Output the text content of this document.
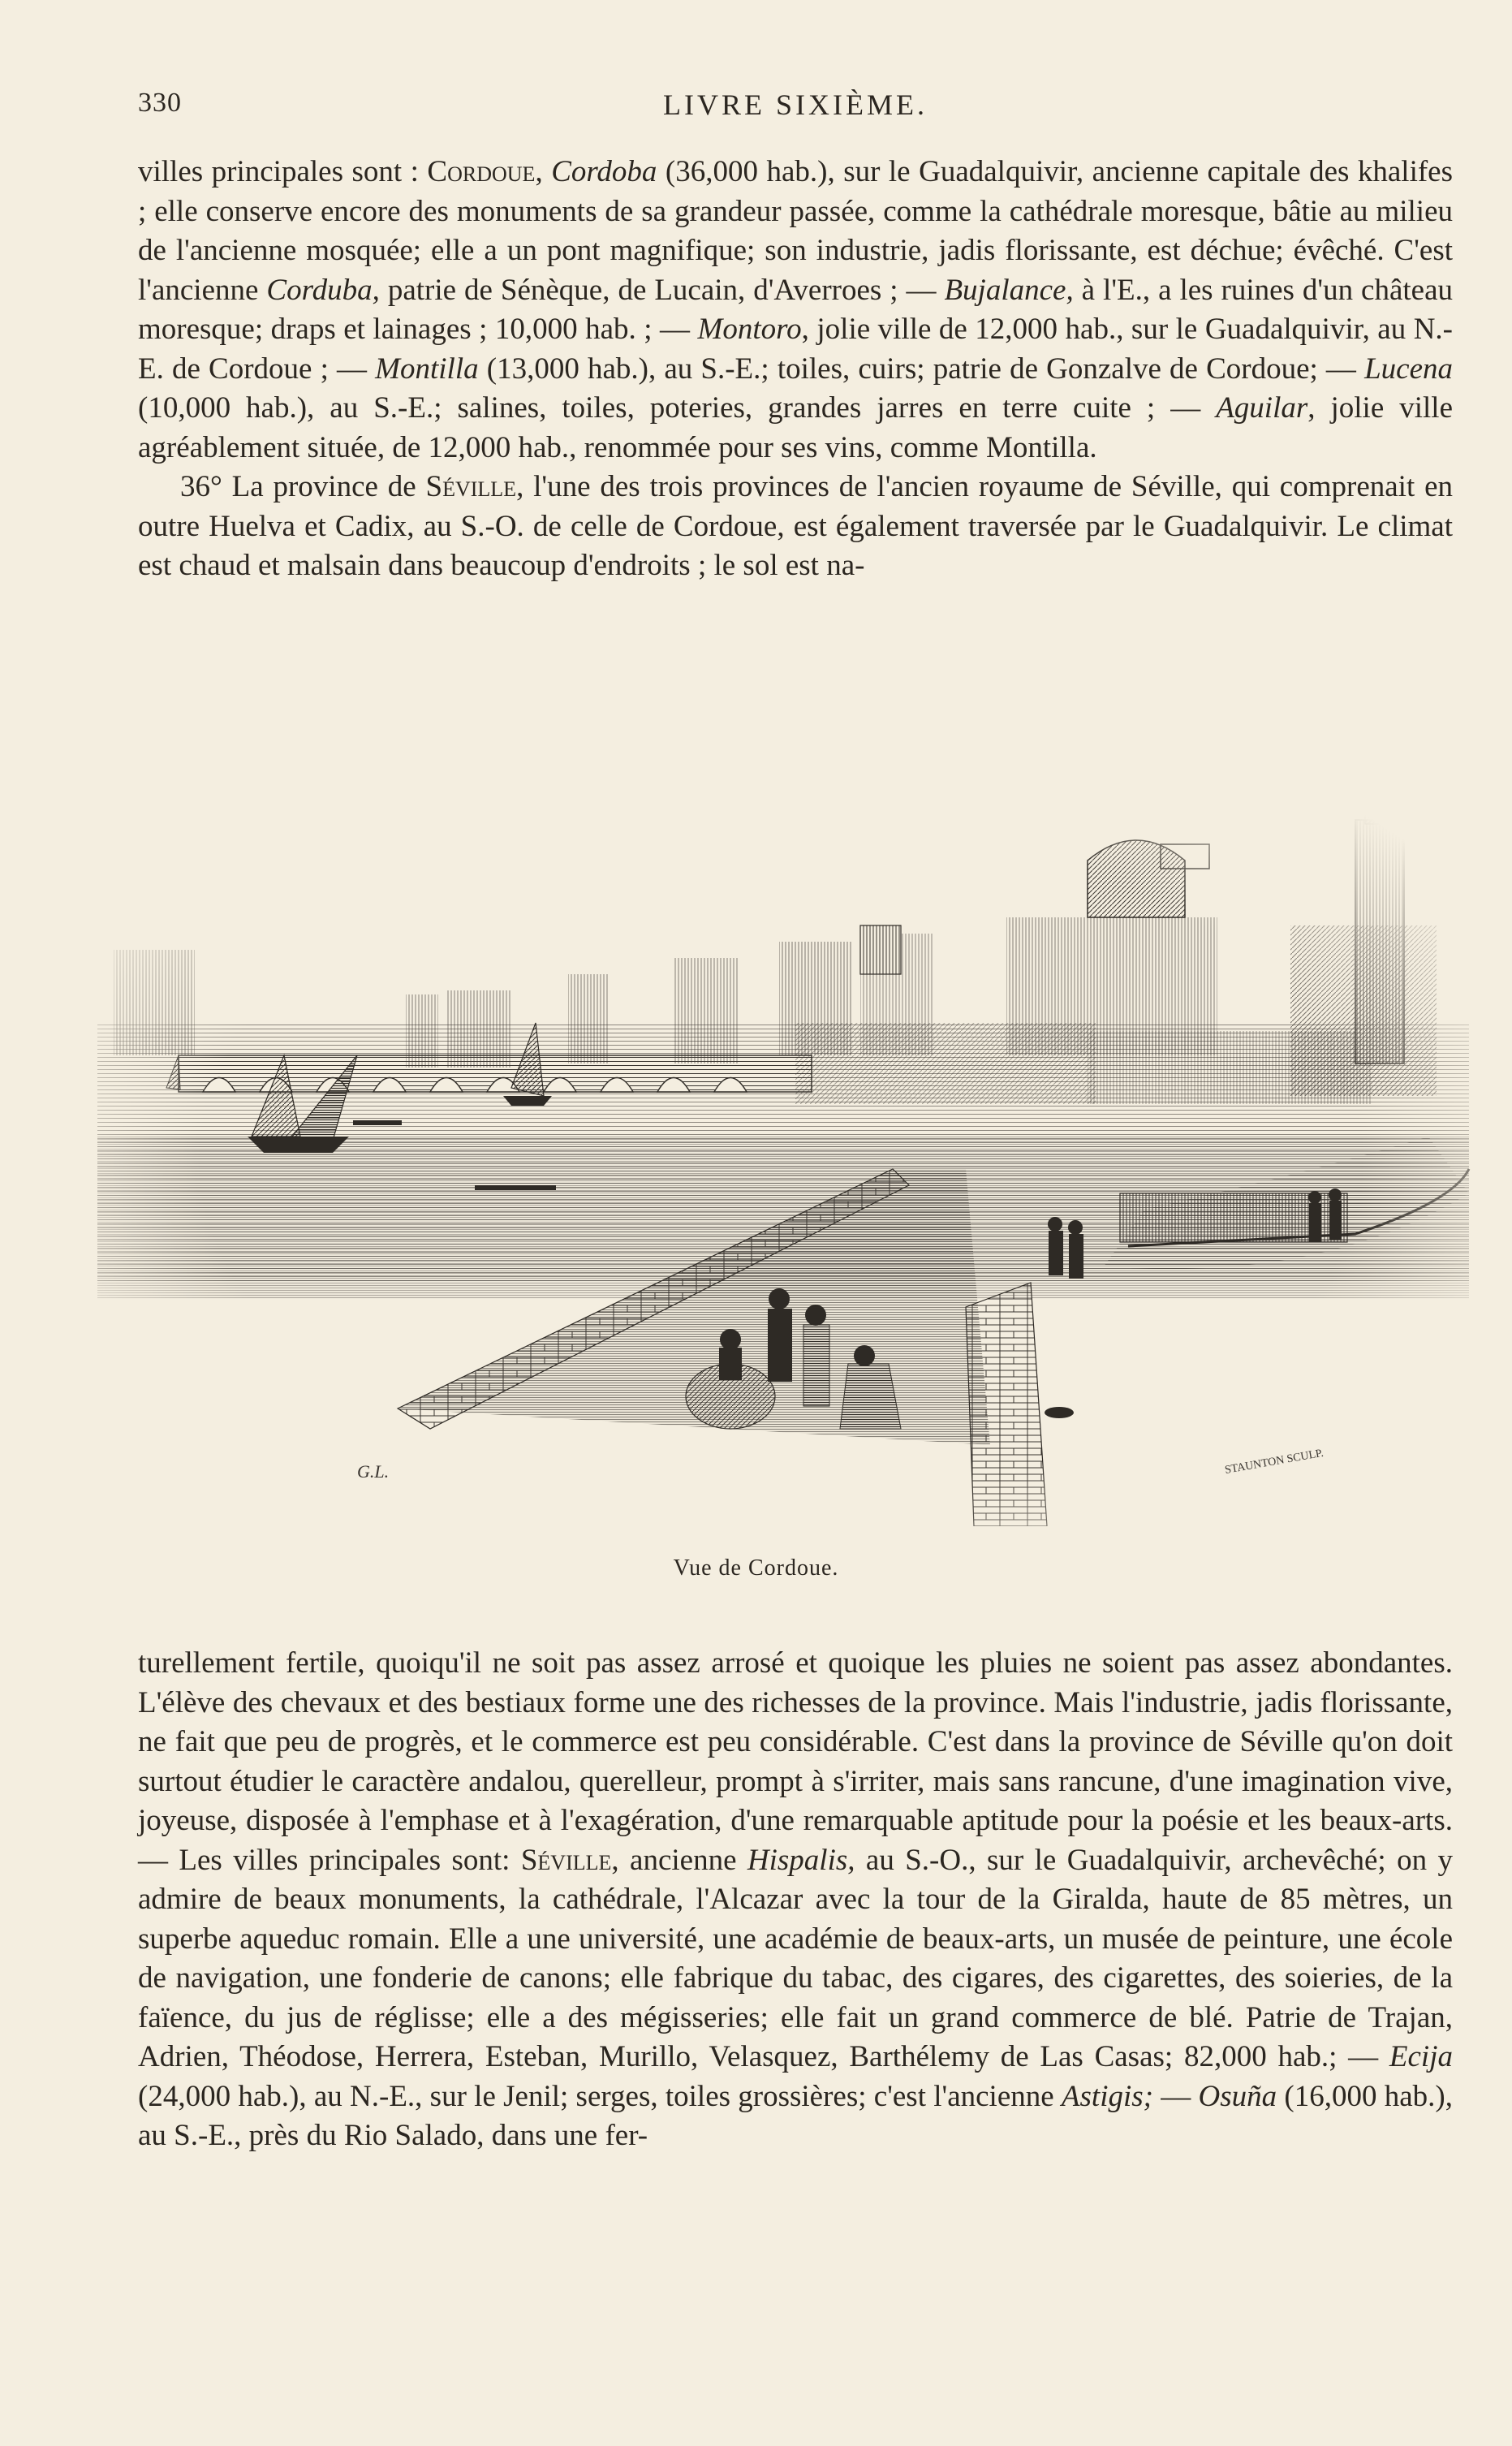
330	LIVRE SIXIÈME.

villes principales sont : Cordoue, Cordoba (36,000 hab.), sur le Guadalquivir, ancienne capitale des khalifes ; elle conserve encore des monuments de sa grandeur passée, comme la cathédrale moresque, bâtie au milieu de l'ancienne mosquée; elle a un pont magnifique; son industrie, jadis florissante, est déchue; évêché. C'est l'ancienne Corduba, patrie de Sénèque, de Lucain, d'Averroes ; — Bujalance, à l'E., a les ruines d'un château moresque; draps et lainages ; 10,000 hab. ; — Montoro, jolie ville de 12,000 hab., sur le Guadalquivir, au N.-E. de Cordoue ; — Montilla (13,000 hab.), au S.-E.; toiles, cuirs; patrie de Gonzalve de Cordoue; — Lucena (10,000 hab.), au S.-E.; salines, toiles, poteries, grandes jarres en terre cuite ; — Aguilar, jolie ville agréablement située, de 12,000 hab., renommée pour ses vins, comme Montilla.

36° La province de Séville, l'une des trois provinces de l'ancien royaume de Séville, qui comprenait en outre Huelva et Cadix, au S.-O. de celle de Cordoue, est également traversée par le Guadalquivir. Le climat est chaud et malsain dans beaucoup d'endroits ; le sol est na-

G.L.	STAUNTON SCULP.
Vue de Cordoue.

turellement fertile, quoiqu'il ne soit pas assez arrosé et quoique les pluies ne soient pas assez abondantes. L'élève des chevaux et des bestiaux forme une des richesses de la province. Mais l'industrie, jadis florissante, ne fait que peu de progrès, et le commerce est peu considérable. C'est dans la province de Séville qu'on doit surtout étudier le caractère andalou, querelleur, prompt à s'irriter, mais sans rancune, d'une imagination vive, joyeuse, disposée à l'emphase et à l'exagération, d'une remarquable aptitude pour la poésie et les beaux-arts. — Les villes principales sont: Séville, ancienne Hispalis, au S.-O., sur le Guadalquivir, archevêché; on y admire de beaux monuments, la cathédrale, l'Alcazar avec la tour de la Giralda, haute de 85 mètres, un superbe aqueduc romain. Elle a une université, une académie de beaux-arts, un musée de peinture, une école de navigation, une fonderie de canons; elle fabrique du tabac, des cigares, des cigarettes, des soieries, de la faïence, du jus de réglisse; elle a des mégisseries; elle fait un grand commerce de blé. Patrie de Trajan, Adrien, Théodose, Herrera, Esteban, Murillo, Velasquez, Barthélemy de Las Casas; 82,000 hab.; — Ecija (24,000 hab.), au N.-E., sur le Jenil; serges, toiles grossières; c'est l'ancienne Astigis; — Osuña (16,000 hab.), au S.-E., près du Rio Salado, dans une fer-
